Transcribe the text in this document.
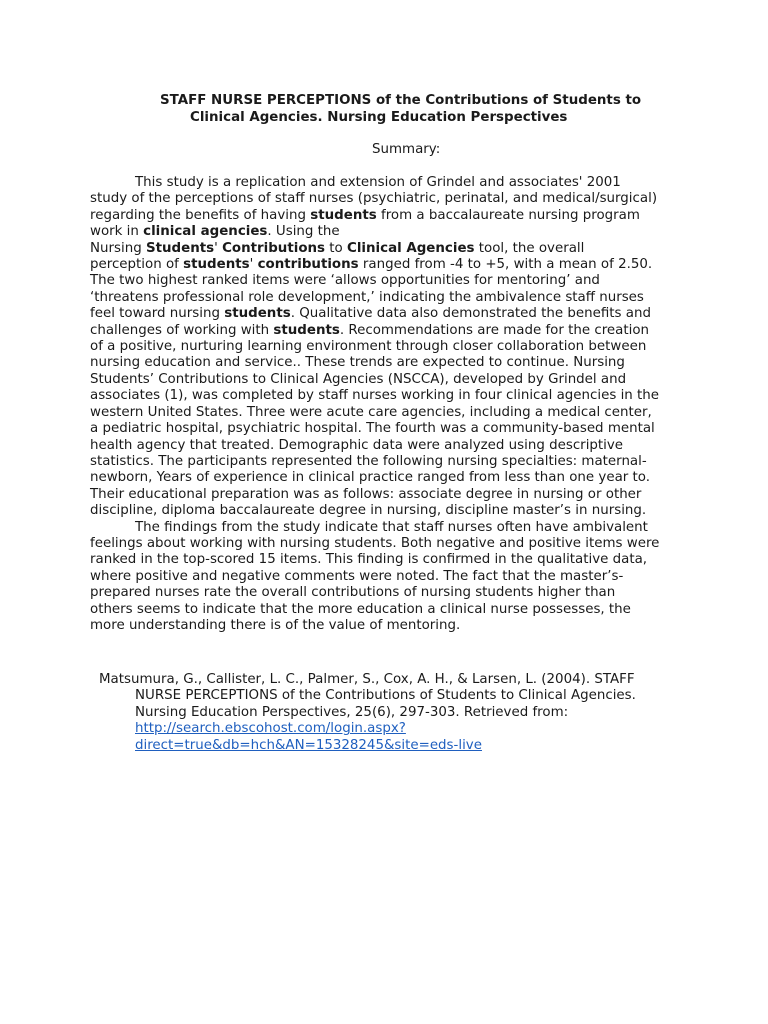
STAFF NURSE PERCEPTIONS of the Contributions of Students to
Clinical Agencies. Nursing Education Perspectives

Summary:

This study is a replication and extension of Grindel and associates' 2001
study of the perceptions of staff nurses (psychiatric, perinatal, and medical/surgical)
regarding the benefits of having students from a baccalaureate nursing program
work in clinical agencies. Using the
Nursing Students' Contributions to Clinical Agencies tool, the overall
perception of students' contributions ranged from -4 to +5, with a mean of 2.50.
The two highest ranked items were ‘allows opportunities for mentoring’ and
‘threatens professional role development,’ indicating the ambivalence staff nurses
feel toward nursing students. Qualitative data also demonstrated the benefits and
challenges of working with students. Recommendations are made for the creation
of a positive, nurturing learning environment through closer collaboration between
nursing education and service.. These trends are expected to continue. Nursing
Students’ Contributions to Clinical Agencies (NSCCA), developed by Grindel and
associates (1), was completed by staff nurses working in four clinical agencies in the
western United States. Three were acute care agencies, including a medical center,
a pediatric hospital, psychiatric hospital. The fourth was a community-based mental
health agency that treated. Demographic data were analyzed using descriptive
statistics. The participants represented the following nursing specialties: maternal-
newborn, Years of experience in clinical practice ranged from less than one year to.
Their educational preparation was as follows: associate degree in nursing or other
discipline, diploma baccalaureate degree in nursing, discipline master’s in nursing.
The findings from the study indicate that staff nurses often have ambivalent
feelings about working with nursing students. Both negative and positive items were
ranked in the top-scored 15 items. This finding is confirmed in the qualitative data,
where positive and negative comments were noted. The fact that the master’s-
prepared nurses rate the overall contributions of nursing students higher than
others seems to indicate that the more education a clinical nurse possesses, the
more understanding there is of the value of mentoring.
Matsumura, G., Callister, L. C., Palmer, S., Cox, A. H., & Larsen, L. (2004). STAFF
NURSE PERCEPTIONS of the Contributions of Students to Clinical Agencies.
Nursing Education Perspectives, 25(6), 297-303. Retrieved from:
http://search.ebscohost.com/login.aspx?
direct=true&db=hch&AN=15328245&site=eds-live
